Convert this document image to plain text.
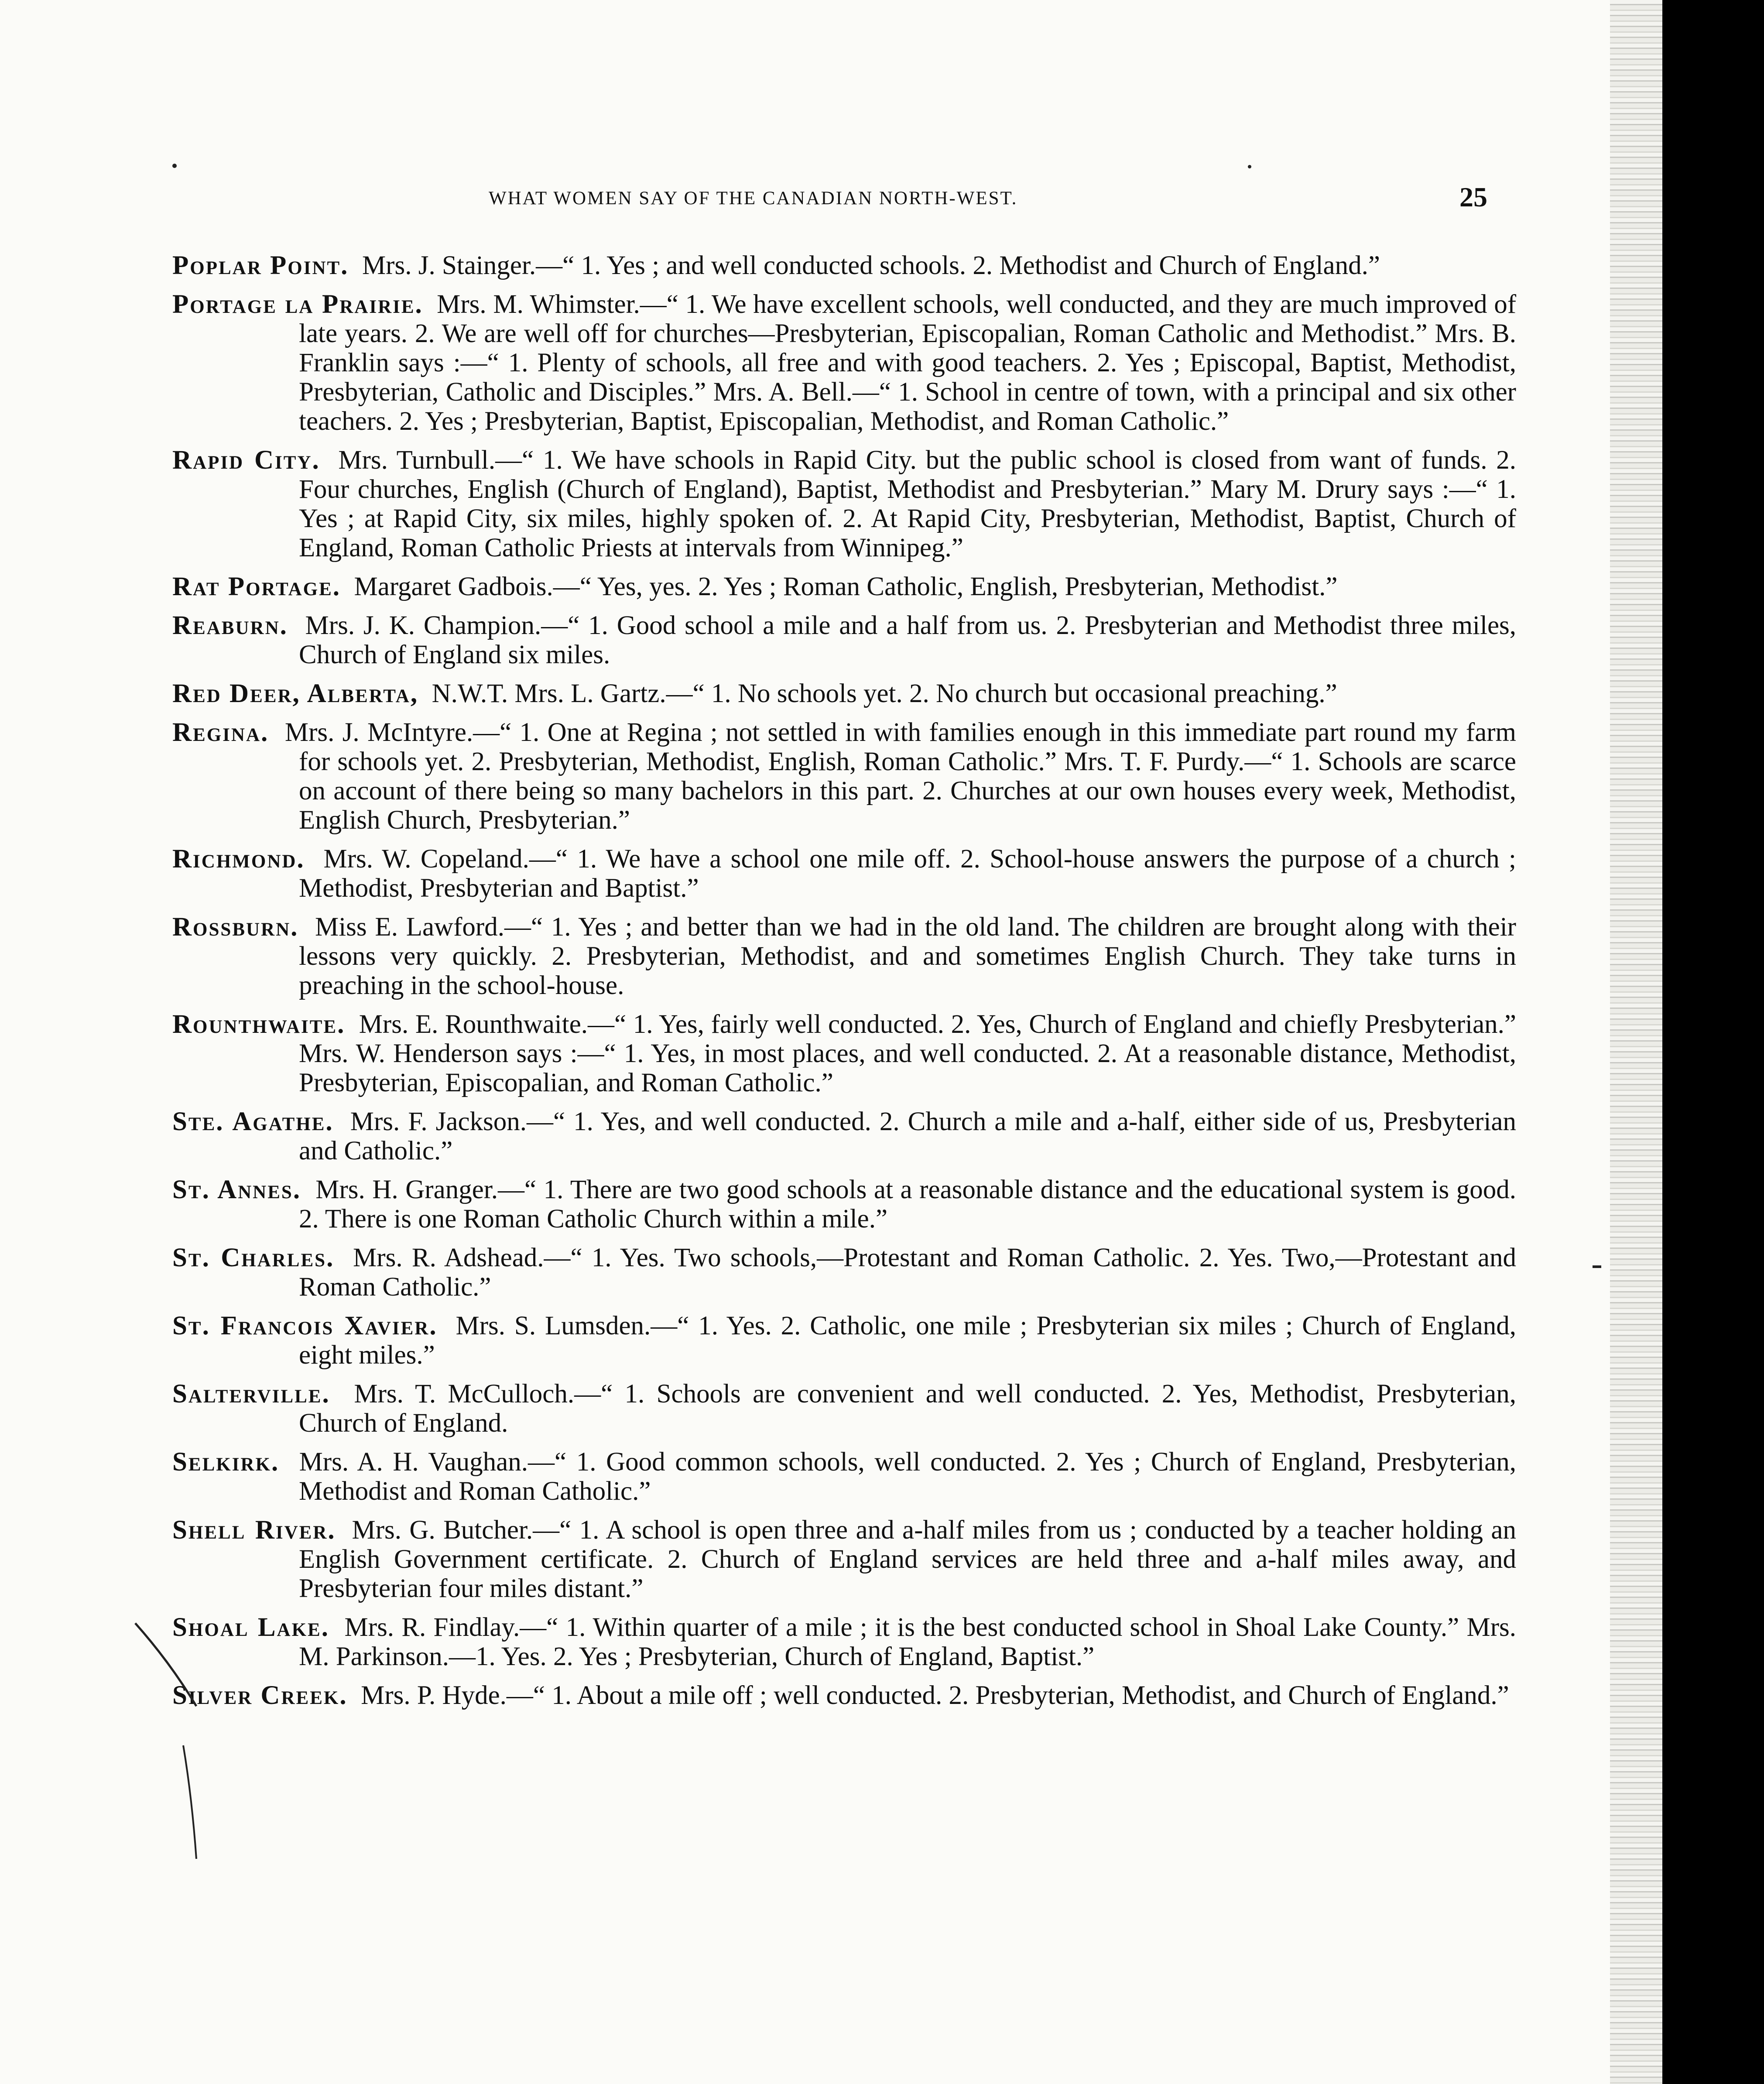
WHAT WOMEN SAY OF THE CANADIAN NORTH-WEST.	25

Poplar Point. Mrs. J. Stainger.—“ 1. Yes ; and well conducted schools. 2. Methodist and Church of England.”

Portage la Prairie. Mrs. M. Whimster.—“ 1. We have excellent schools, well conducted, and they are much improved of late years. 2. We are well off for churches—Presbyterian, Episcopalian, Roman Catholic and Methodist.” Mrs. B. Franklin says :—“ 1. Plenty of schools, all free and with good teachers. 2. Yes ; Episcopal, Baptist, Methodist, Presbyterian, Catholic and Disciples.” Mrs. A. Bell.—“ 1. School in centre of town, with a principal and six other teachers. 2. Yes ; Presbyterian, Baptist, Episcopalian, Methodist, and Roman Catholic.”

Rapid City. Mrs. Turnbull.—“ 1. We have schools in Rapid City. but the public school is closed from want of funds. 2. Four churches, English (Church of England), Baptist, Methodist and Presbyterian.” Mary M. Drury says :—“ 1. Yes ; at Rapid City, six miles, highly spoken of. 2. At Rapid City, Presbyterian, Methodist, Baptist, Church of England, Roman Catholic Priests at intervals from Winnipeg.”

Rat Portage. Margaret Gadbois.—“ Yes, yes. 2. Yes ; Roman Catholic, English, Presbyterian, Methodist.”

Reaburn. Mrs. J. K. Champion.—“ 1. Good school a mile and a half from us. 2. Presbyterian and Methodist three miles, Church of England six miles.

Red Deer, Alberta, N.W.T. Mrs. L. Gartz.—“ 1. No schools yet. 2. No church but occasional preaching.”

Regina. Mrs. J. McIntyre.—“ 1. One at Regina ; not settled in with families enough in this immediate part round my farm for schools yet. 2. Presbyterian, Methodist, English, Roman Catholic.” Mrs. T. F. Purdy.—“ 1. Schools are scarce on account of there being so many bachelors in this part. 2. Churches at our own houses every week, Methodist, English Church, Presbyterian.”

Richmond. Mrs. W. Copeland.—“ 1. We have a school one mile off. 2. School-house answers the purpose of a church ; Methodist, Presbyterian and Baptist.”

Rossburn. Miss E. Lawford.—“ 1. Yes ; and better than we had in the old land. The children are brought along with their lessons very quickly. 2. Presbyterian, Methodist, and and sometimes English Church. They take turns in preaching in the school-house.

Rounthwaite. Mrs. E. Rounthwaite.—“ 1. Yes, fairly well conducted. 2. Yes, Church of England and chiefly Presbyterian.” Mrs. W. Henderson says :—“ 1. Yes, in most places, and well conducted. 2. At a reasonable distance, Methodist, Presbyterian, Episcopalian, and Roman Catholic.”

Ste. Agathe. Mrs. F. Jackson.—“ 1. Yes, and well conducted. 2. Church a mile and a-half, either side of us, Presbyterian and Catholic.”

St. Annes. Mrs. H. Granger.—“ 1. There are two good schools at a reasonable distance and the educational system is good. 2. There is one Roman Catholic Church within a mile.”

St. Charles. Mrs. R. Adshead.—“ 1. Yes. Two schools,—Protestant and Roman Catholic. 2. Yes. Two,—Protestant and Roman Catholic.”

St. Francois Xavier. Mrs. S. Lumsden.—“ 1. Yes. 2. Catholic, one mile ; Presbyterian six miles ; Church of England, eight miles.”

Salterville. Mrs. T. McCulloch.—“ 1. Schools are convenient and well conducted. 2. Yes, Methodist, Presbyterian, Church of England.

Selkirk. Mrs. A. H. Vaughan.—“ 1. Good common schools, well conducted. 2. Yes ; Church of England, Presbyterian, Methodist and Roman Catholic.”

Shell River. Mrs. G. Butcher.—“ 1. A school is open three and a-half miles from us ; conducted by a teacher holding an English Government certificate. 2. Church of England services are held three and a-half miles away, and Presbyterian four miles distant.”

Shoal Lake. Mrs. R. Findlay.—“ 1. Within quarter of a mile ; it is the best conducted school in Shoal Lake County.” Mrs. M. Parkinson.—1. Yes. 2. Yes ; Presbyterian, Church of England, Baptist.”

Silver Creek. Mrs. P. Hyde.—“ 1. About a mile off ; well conducted. 2. Presbyterian, Methodist, and Church of England.”
